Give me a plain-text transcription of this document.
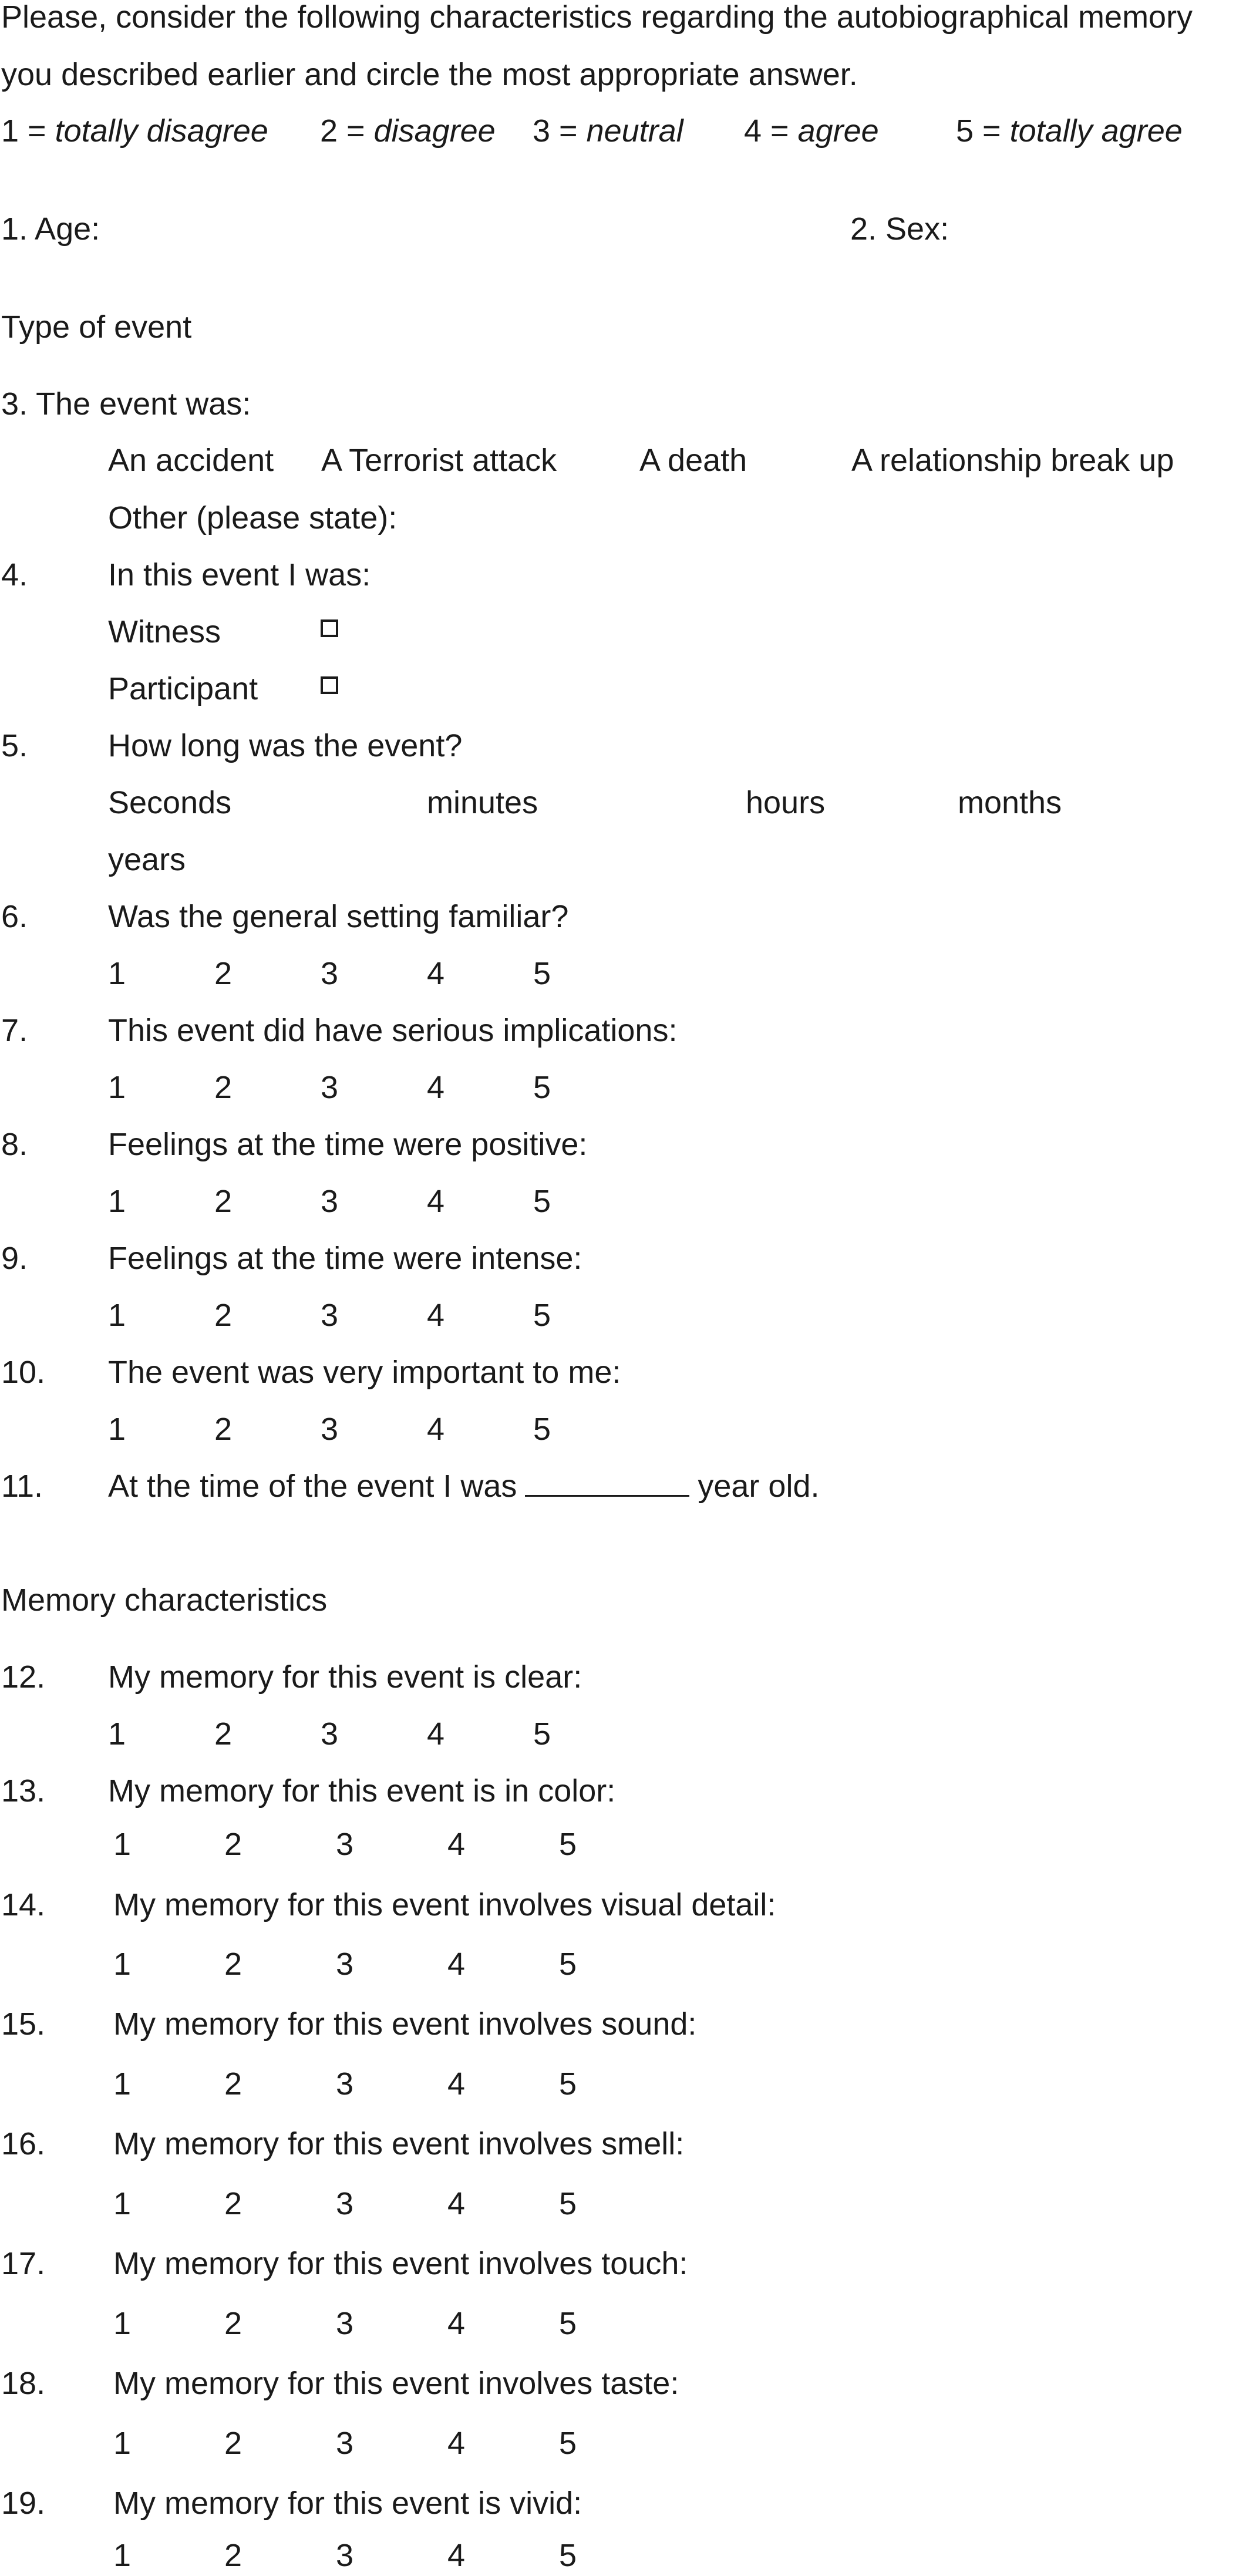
Please, consider the following characteristics regarding the autobiographical memory
you described earlier and circle the most appropriate answer.
1 = totally disagree 2 = disagree 3 = neutral 4 = agree 5 = totally agree
1. Age:	2. Sex:
Type of event
3. The event was:
An accident A Terrorist attack	A death	A relationship break up
Other (please state):
4.	In this event I was:
Witness
Participant
5.	How long was the event?
Seconds	minutes	hours	months
years
6.	Was the general setting familiar?
1	2	3	4	5
7.	This event did have serious implications:
1	2	3	4	5
8.	Feelings at the time were positive:
1	2	3	4	5
9.	Feelings at the time were intense:
1	2	3	4	5
10. The event was very important to me:
1	2	3	4	5
11. At the time of the event I was	year old.
Memory characteristics
12. My memory for this event is clear:
1	2	3	4	5
13. My memory for this event is in color:
1	2	3	4	5
14. My memory for this event involves visual detail:
1	2	3	4	5
15. My memory for this event involves sound:
1	2	3	4	5
16. My memory for this event involves smell:
1	2	3	4	5
17. My memory for this event involves touch:
1	2	3	4	5
18. My memory for this event involves taste:
1	2	3	4	5
19. My memory for this event is vivid:
1	2	3	4	5
